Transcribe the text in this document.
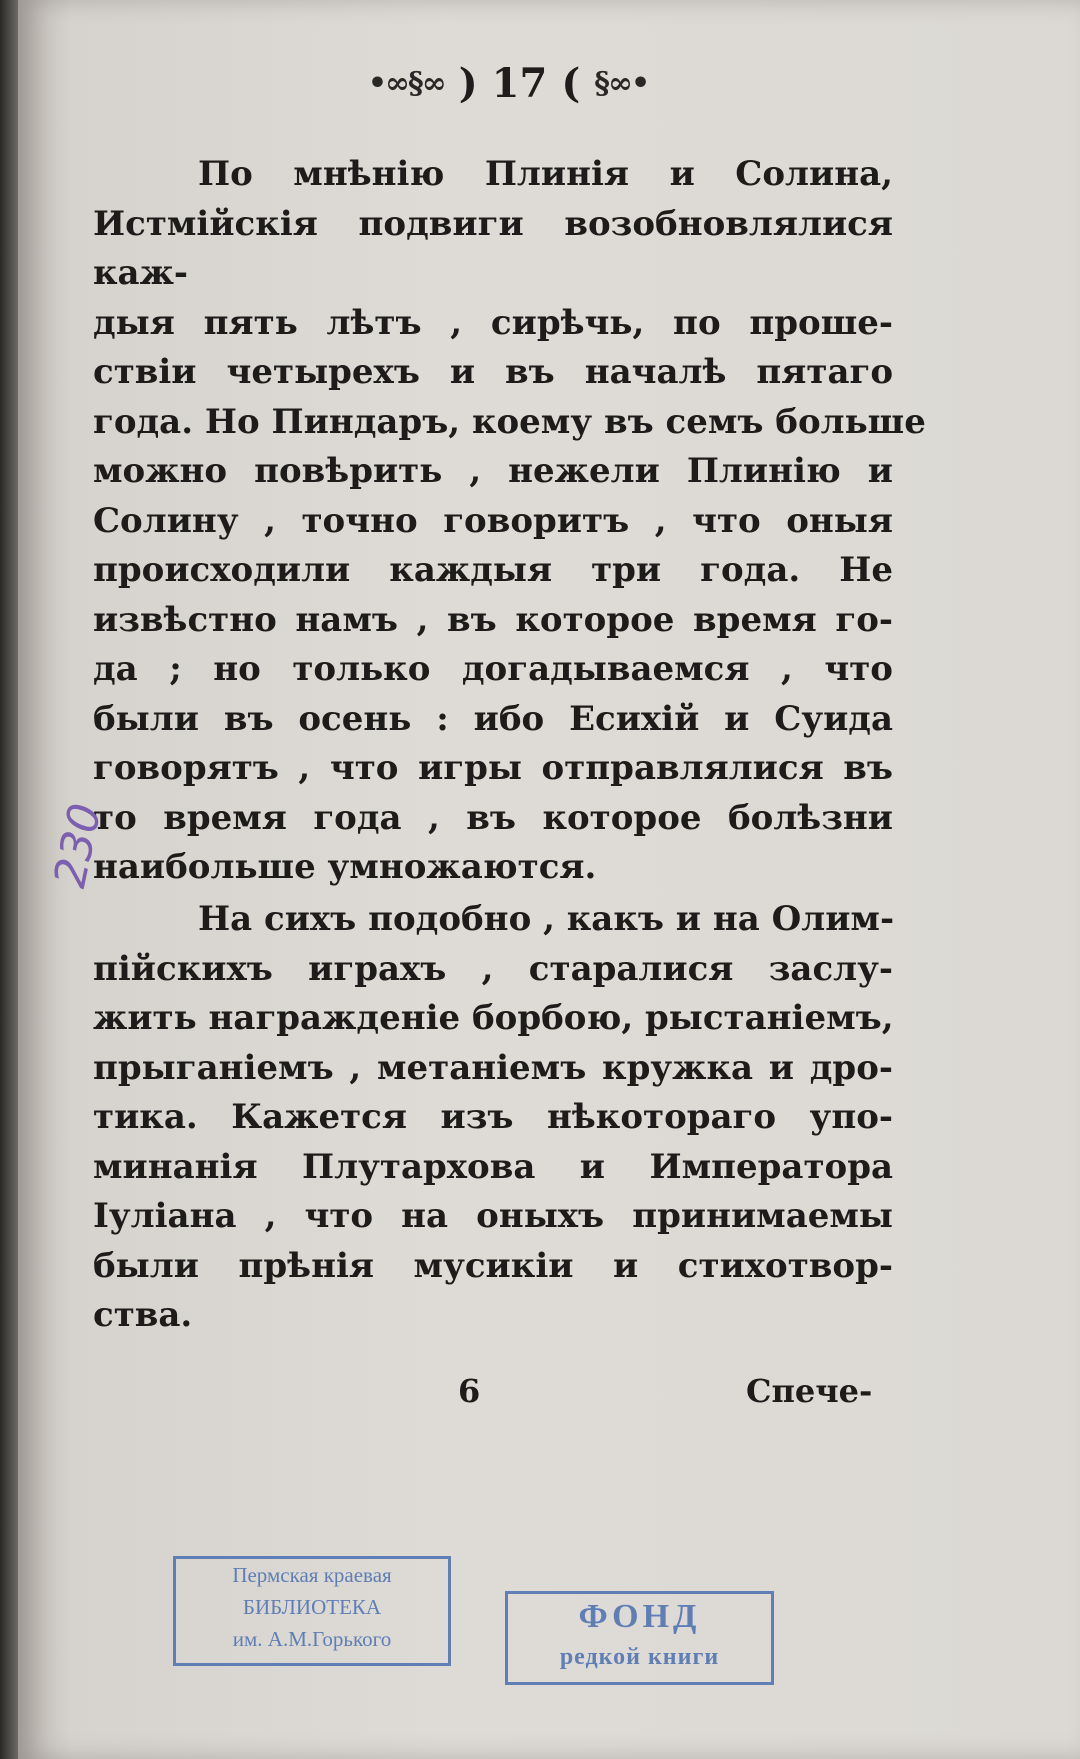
•∞§∞ ) 17 ( §∞•
По мнѣнію Плинія и Солина, Истмійскія подвиги возобновлялися каж-
дыя пять лѣтъ , сирѣчь, по проше-
ствіи четырехъ и въ началѣ пятаго
года. Но Пиндаръ, коему въ семъ больше
можно повѣрить , нежели Плинію и
Солину , точно говоритъ , что оныя
происходили каждыя три года. Не
извѣстно намъ , въ которое время го-
да ; но только догадываемся , что
были въ осень : ибо Есихій и Суида
говорятъ , что игры отправлялися въ
то время года , въ которое болѣзни
наибольше умножаются.
На сихъ подобно , какъ и на Олим-
пійскихъ играхъ , старалися заслу-
жить награжденіе борбою, рыстаніемъ,
прыганіемъ , метаніемъ кружка и дро-
тика. Кажется изъ нѣкотораго упо-
минанія Плутархова и Императора
Іуліана , что на оныхъ принимаемы
были прѣнія мусикіи и стихотвор-
ства.
6	Спече-
230
Пермская краевая
БИБЛИОТЕКА
им. А.М.Горького
ФОНД
редкой книги
